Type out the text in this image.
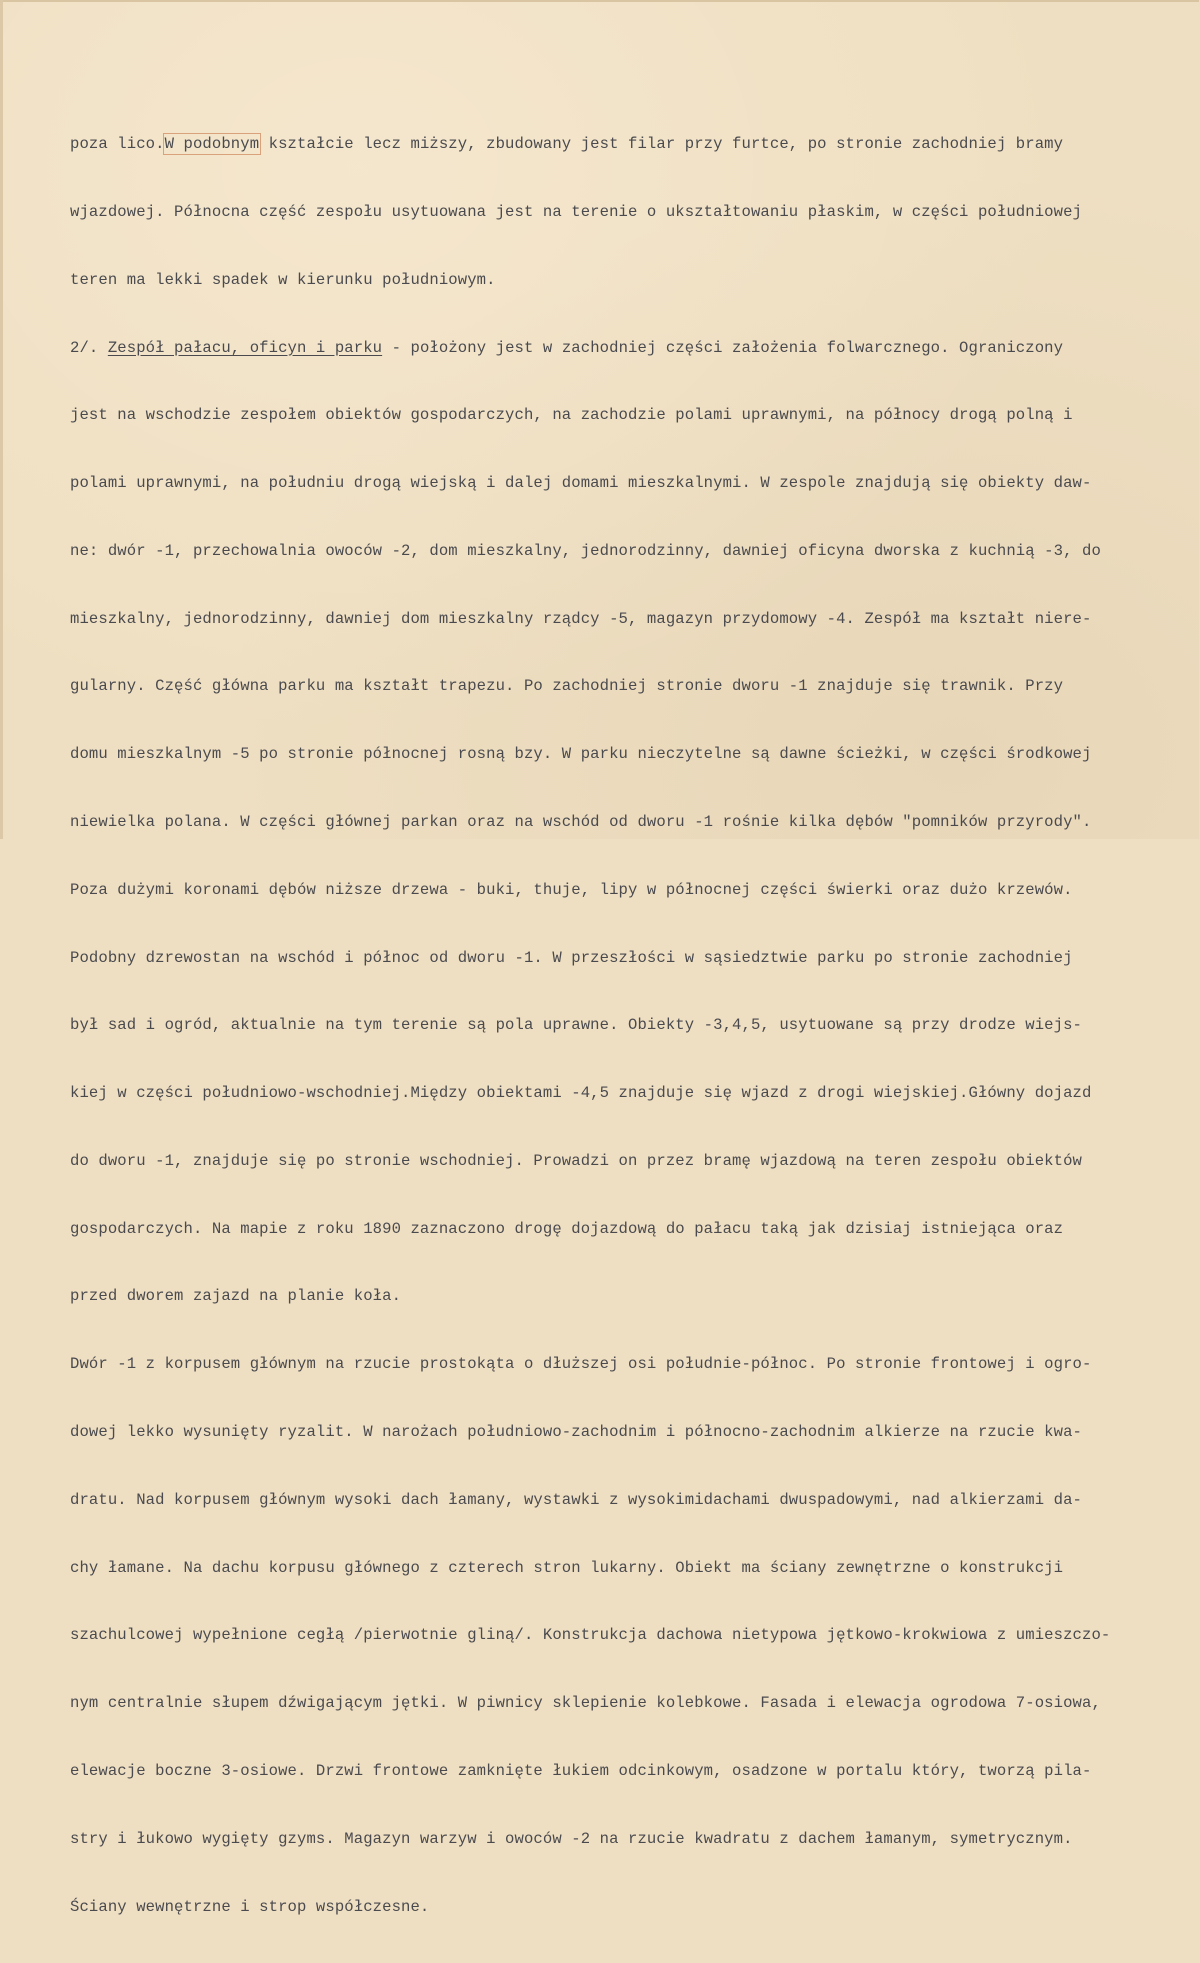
poza lico.W podobnym kształcie lecz miższy, zbudowany jest filar przy furtce, po stronie zachodniej bramy

wjazdowej. Północna część zespołu usytuowana jest na terenie o ukształtowaniu płaskim, w części południowej

teren ma lekki spadek w kierunku południowym.

2/. Zespół pałacu, oficyn i parku - położony jest w zachodniej części założenia folwarcznego. Ograniczony

jest na wschodzie zespołem obiektów gospodarczych, na zachodzie polami uprawnymi, na północy drogą polną i

polami uprawnymi, na południu drogą wiejską i dalej domami mieszkalnymi. W zespole znajdują się obiekty daw-

ne: dwór -1, przechowalnia owoców -2, dom mieszkalny, jednorodzinny, dawniej oficyna dworska z kuchnią -3, do

mieszkalny, jednorodzinny, dawniej dom mieszkalny rządcy -5, magazyn przydomowy -4. Zespół ma kształt niere-

gularny. Część główna parku ma kształt trapezu. Po zachodniej stronie dworu -1 znajduje się trawnik. Przy

domu mieszkalnym -5 po stronie północnej rosną bzy. W parku nieczytelne są dawne ścieżki, w części środkowej

niewielka polana. W części głównej parkan oraz na wschód od dworu -1 rośnie kilka dębów "pomników przyrody".

Poza dużymi koronami dębów niższe drzewa - buki, thuje, lipy w północnej części świerki oraz dużo krzewów.

Podobny dzrewostan na wschód i północ od dworu -1. W przeszłości w sąsiedztwie parku po stronie zachodniej

był sad i ogród, aktualnie na tym terenie są pola uprawne. Obiekty -3,4,5, usytuowane są przy drodze wiejs-

kiej w części południowo-wschodniej.Między obiektami -4,5 znajduje się wjazd z drogi wiejskiej.Główny dojazd

do dworu -1, znajduje się po stronie wschodniej. Prowadzi on przez bramę wjazdową na teren zespołu obiektów

gospodarczych. Na mapie z roku 1890 zaznaczono drogę dojazdową do pałacu taką jak dzisiaj istniejąca oraz

przed dworem zajazd na planie koła.

Dwór -1 z korpusem głównym na rzucie prostokąta o dłuższej osi południe-północ. Po stronie frontowej i ogro-

dowej lekko wysunięty ryzalit. W narożach południowo-zachodnim i północno-zachodnim alkierze na rzucie kwa-

dratu. Nad korpusem głównym wysoki dach łamany, wystawki z wysokimidachami dwuspadowymi, nad alkierzami da-

chy łamane. Na dachu korpusu głównego z czterech stron lukarny. Obiekt ma ściany zewnętrzne o konstrukcji

szachulcowej wypełnione cegłą /pierwotnie gliną/. Konstrukcja dachowa nietypowa jętkowo-krokwiowa z umieszczo-

nym centralnie słupem dźwigającym jętki. W piwnicy sklepienie kolebkowe. Fasada i elewacja ogrodowa 7-osiowa,

elewacje boczne 3-osiowe. Drzwi frontowe zamknięte łukiem odcinkowym, osadzone w portalu który, tworzą pila-

stry i łukowo wygięty gzyms. Magazyn warzyw i owoców -2 na rzucie kwadratu z dachem łamanym, symetrycznym.

Ściany wewnętrzne i strop współczesne.
